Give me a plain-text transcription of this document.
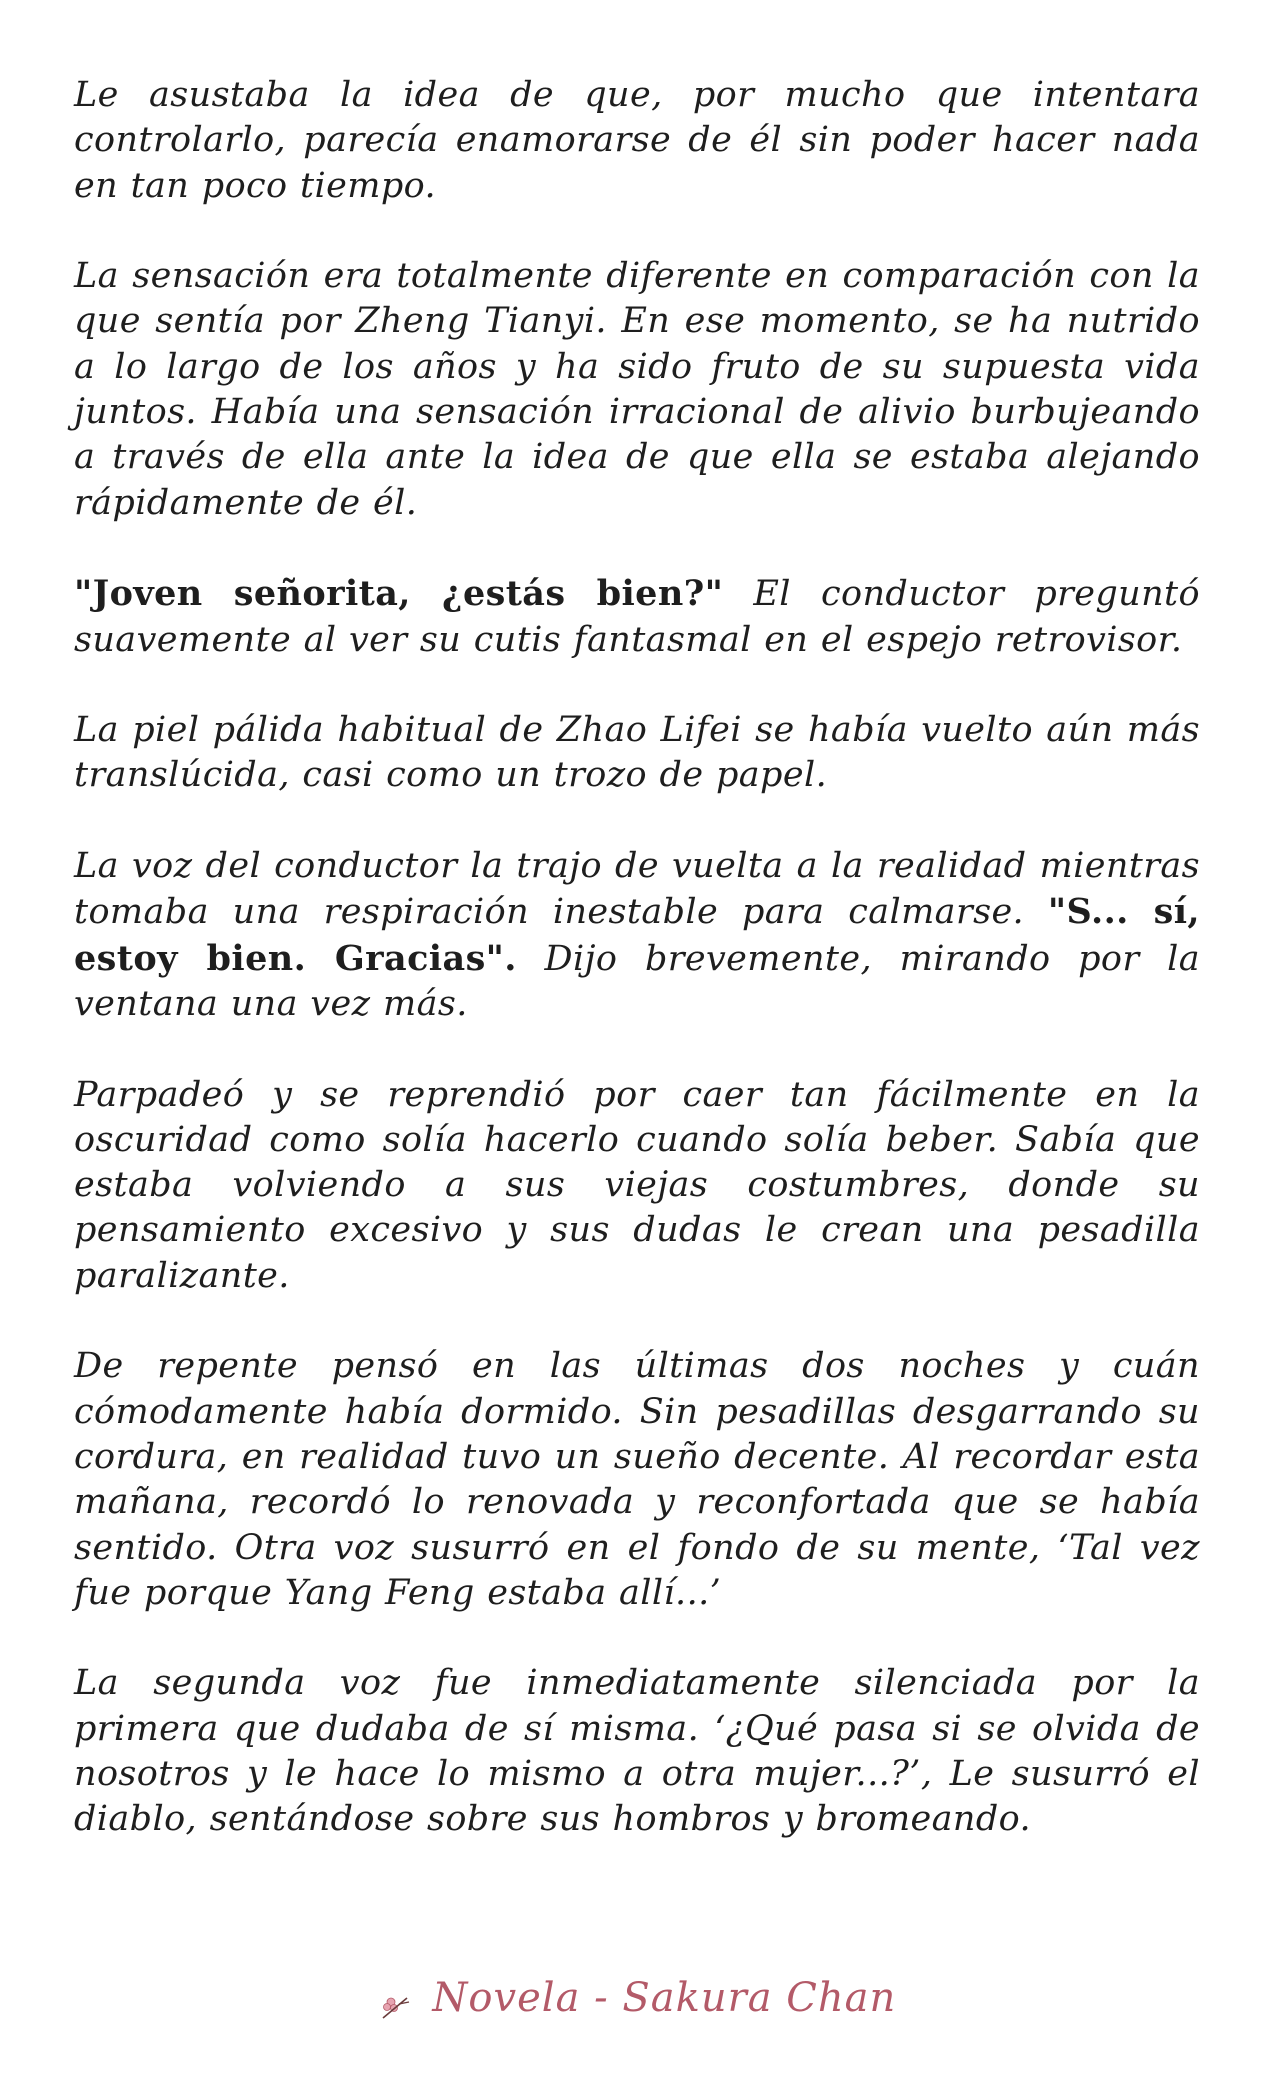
Le asustaba la idea de que, por mucho que intentara controlarlo, parecía enamorarse de él sin poder hacer nada en tan poco tiempo.

La sensación era totalmente diferente en comparación con la que sentía por Zheng Tianyi. En ese momento, se ha nutrido a lo largo de los años y ha sido fruto de su supuesta vida juntos. Había una sensación irracional de alivio burbujeando a través de ella ante la idea de que ella se estaba alejando rápidamente de él.

"Joven señorita, ¿estás bien?" El conductor preguntó suavemente al ver su cutis fantasmal en el espejo retrovisor.

La piel pálida habitual de Zhao Lifei se había vuelto aún más translúcida, casi como un trozo de papel.

La voz del conductor la trajo de vuelta a la realidad mientras tomaba una respiración inestable para calmarse. "S... sí, estoy bien. Gracias". Dijo brevemente, mirando por la ventana una vez más.

Parpadeó y se reprendió por caer tan fácilmente en la oscuridad como solía hacerlo cuando solía beber. Sabía que estaba volviendo a sus viejas costumbres, donde su pensamiento excesivo y sus dudas le crean una pesadilla paralizante.

De repente pensó en las últimas dos noches y cuán cómodamente había dormido. Sin pesadillas desgarrando su cordura, en realidad tuvo un sueño decente. Al recordar esta mañana, recordó lo renovada y reconfortada que se había sentido. Otra voz susurró en el fondo de su mente, ‘Tal vez fue porque Yang Feng estaba allí...’

La segunda voz fue inmediatamente silenciada por la primera que dudaba de sí misma. ‘¿Qué pasa si se olvida de nosotros y le hace lo mismo a otra mujer...?’, Le susurró el diablo, sentándose sobre sus hombros y bromeando.

Novela - Sakura Chan
